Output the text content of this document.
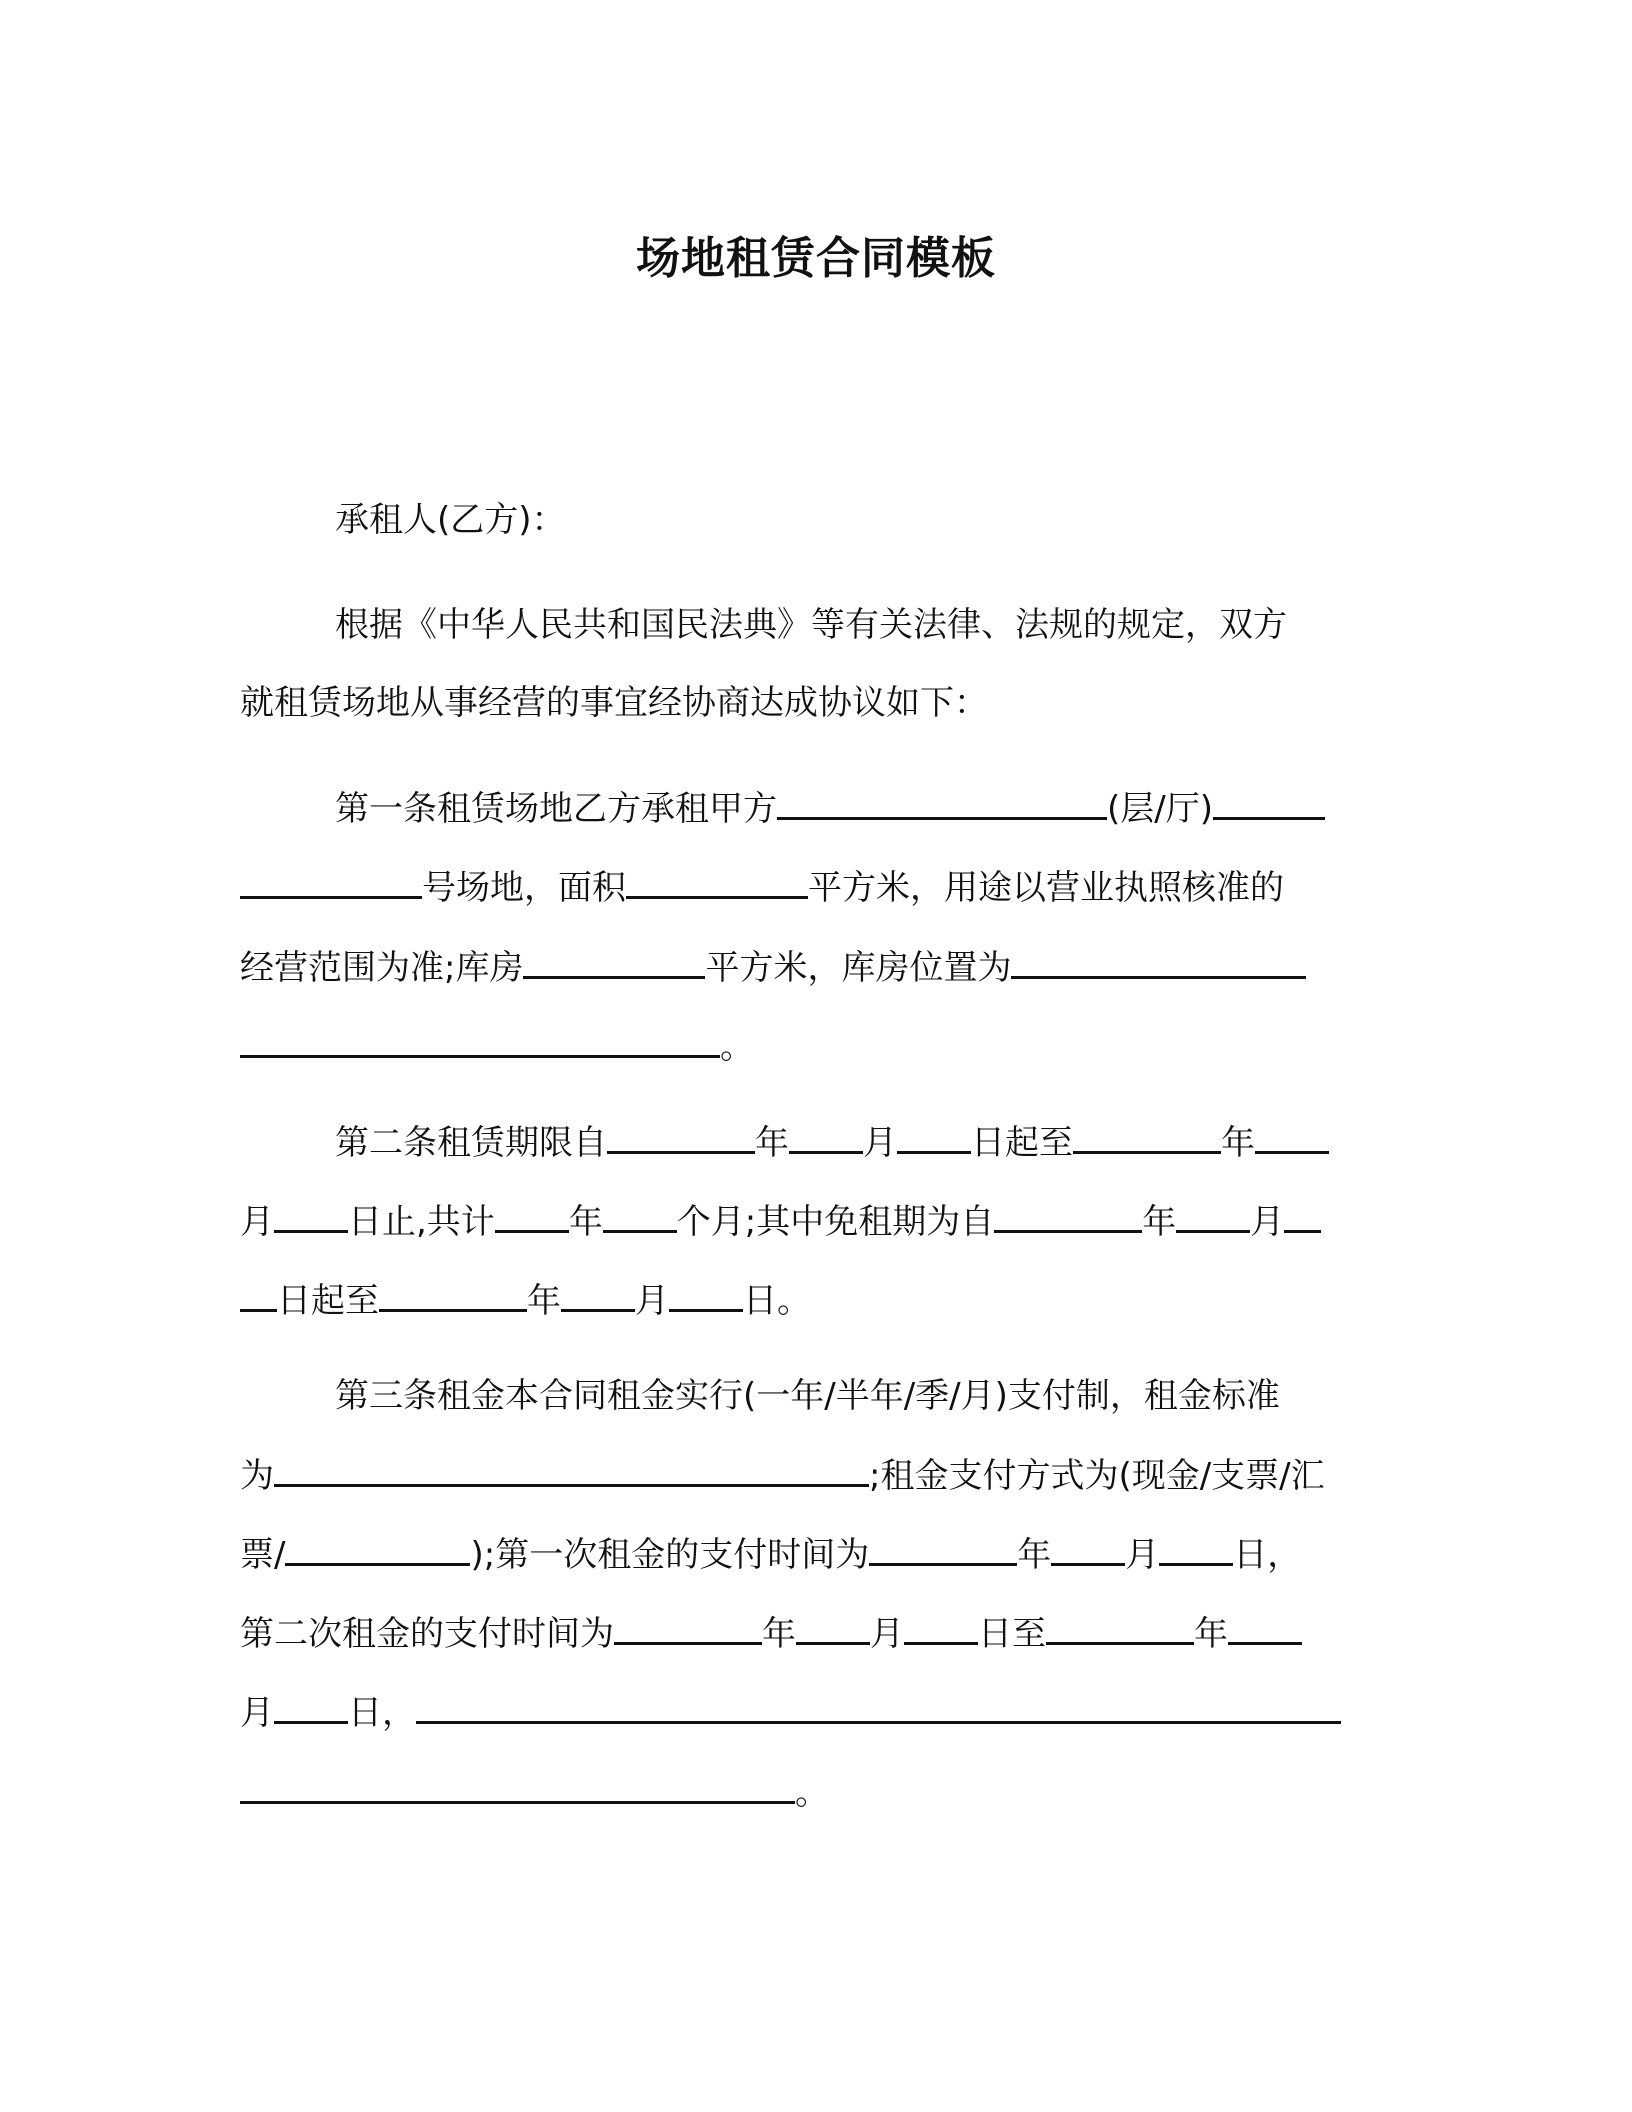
场地租赁合同模板
承租人(乙方)：
根据《中华人民共和国民法典》等有关法律、法规的规定，双方
就租赁场地从事经营的事宜经协商达成协议如下：
第一条租赁场地乙方承租甲方	(层/厅)
号场地，面积	平方米，用途以营业执照核准的
经营范围为准;库房	平方米，库房位置为
。
第二条租赁期限自	年 月 日起至	年
月 日止,共计 年 个月;其中免租期为自	年 月
日起至	年 月 日。
第三条租金本合同租金实行(一年/半年/季/月)支付制，租金标准
为	;租金支付方式为(现金/支票/汇
票/	);第一次租金的支付时间为	年 月 日，
第二次租金的支付时间为	年 月 日至	年
月 日，
。
